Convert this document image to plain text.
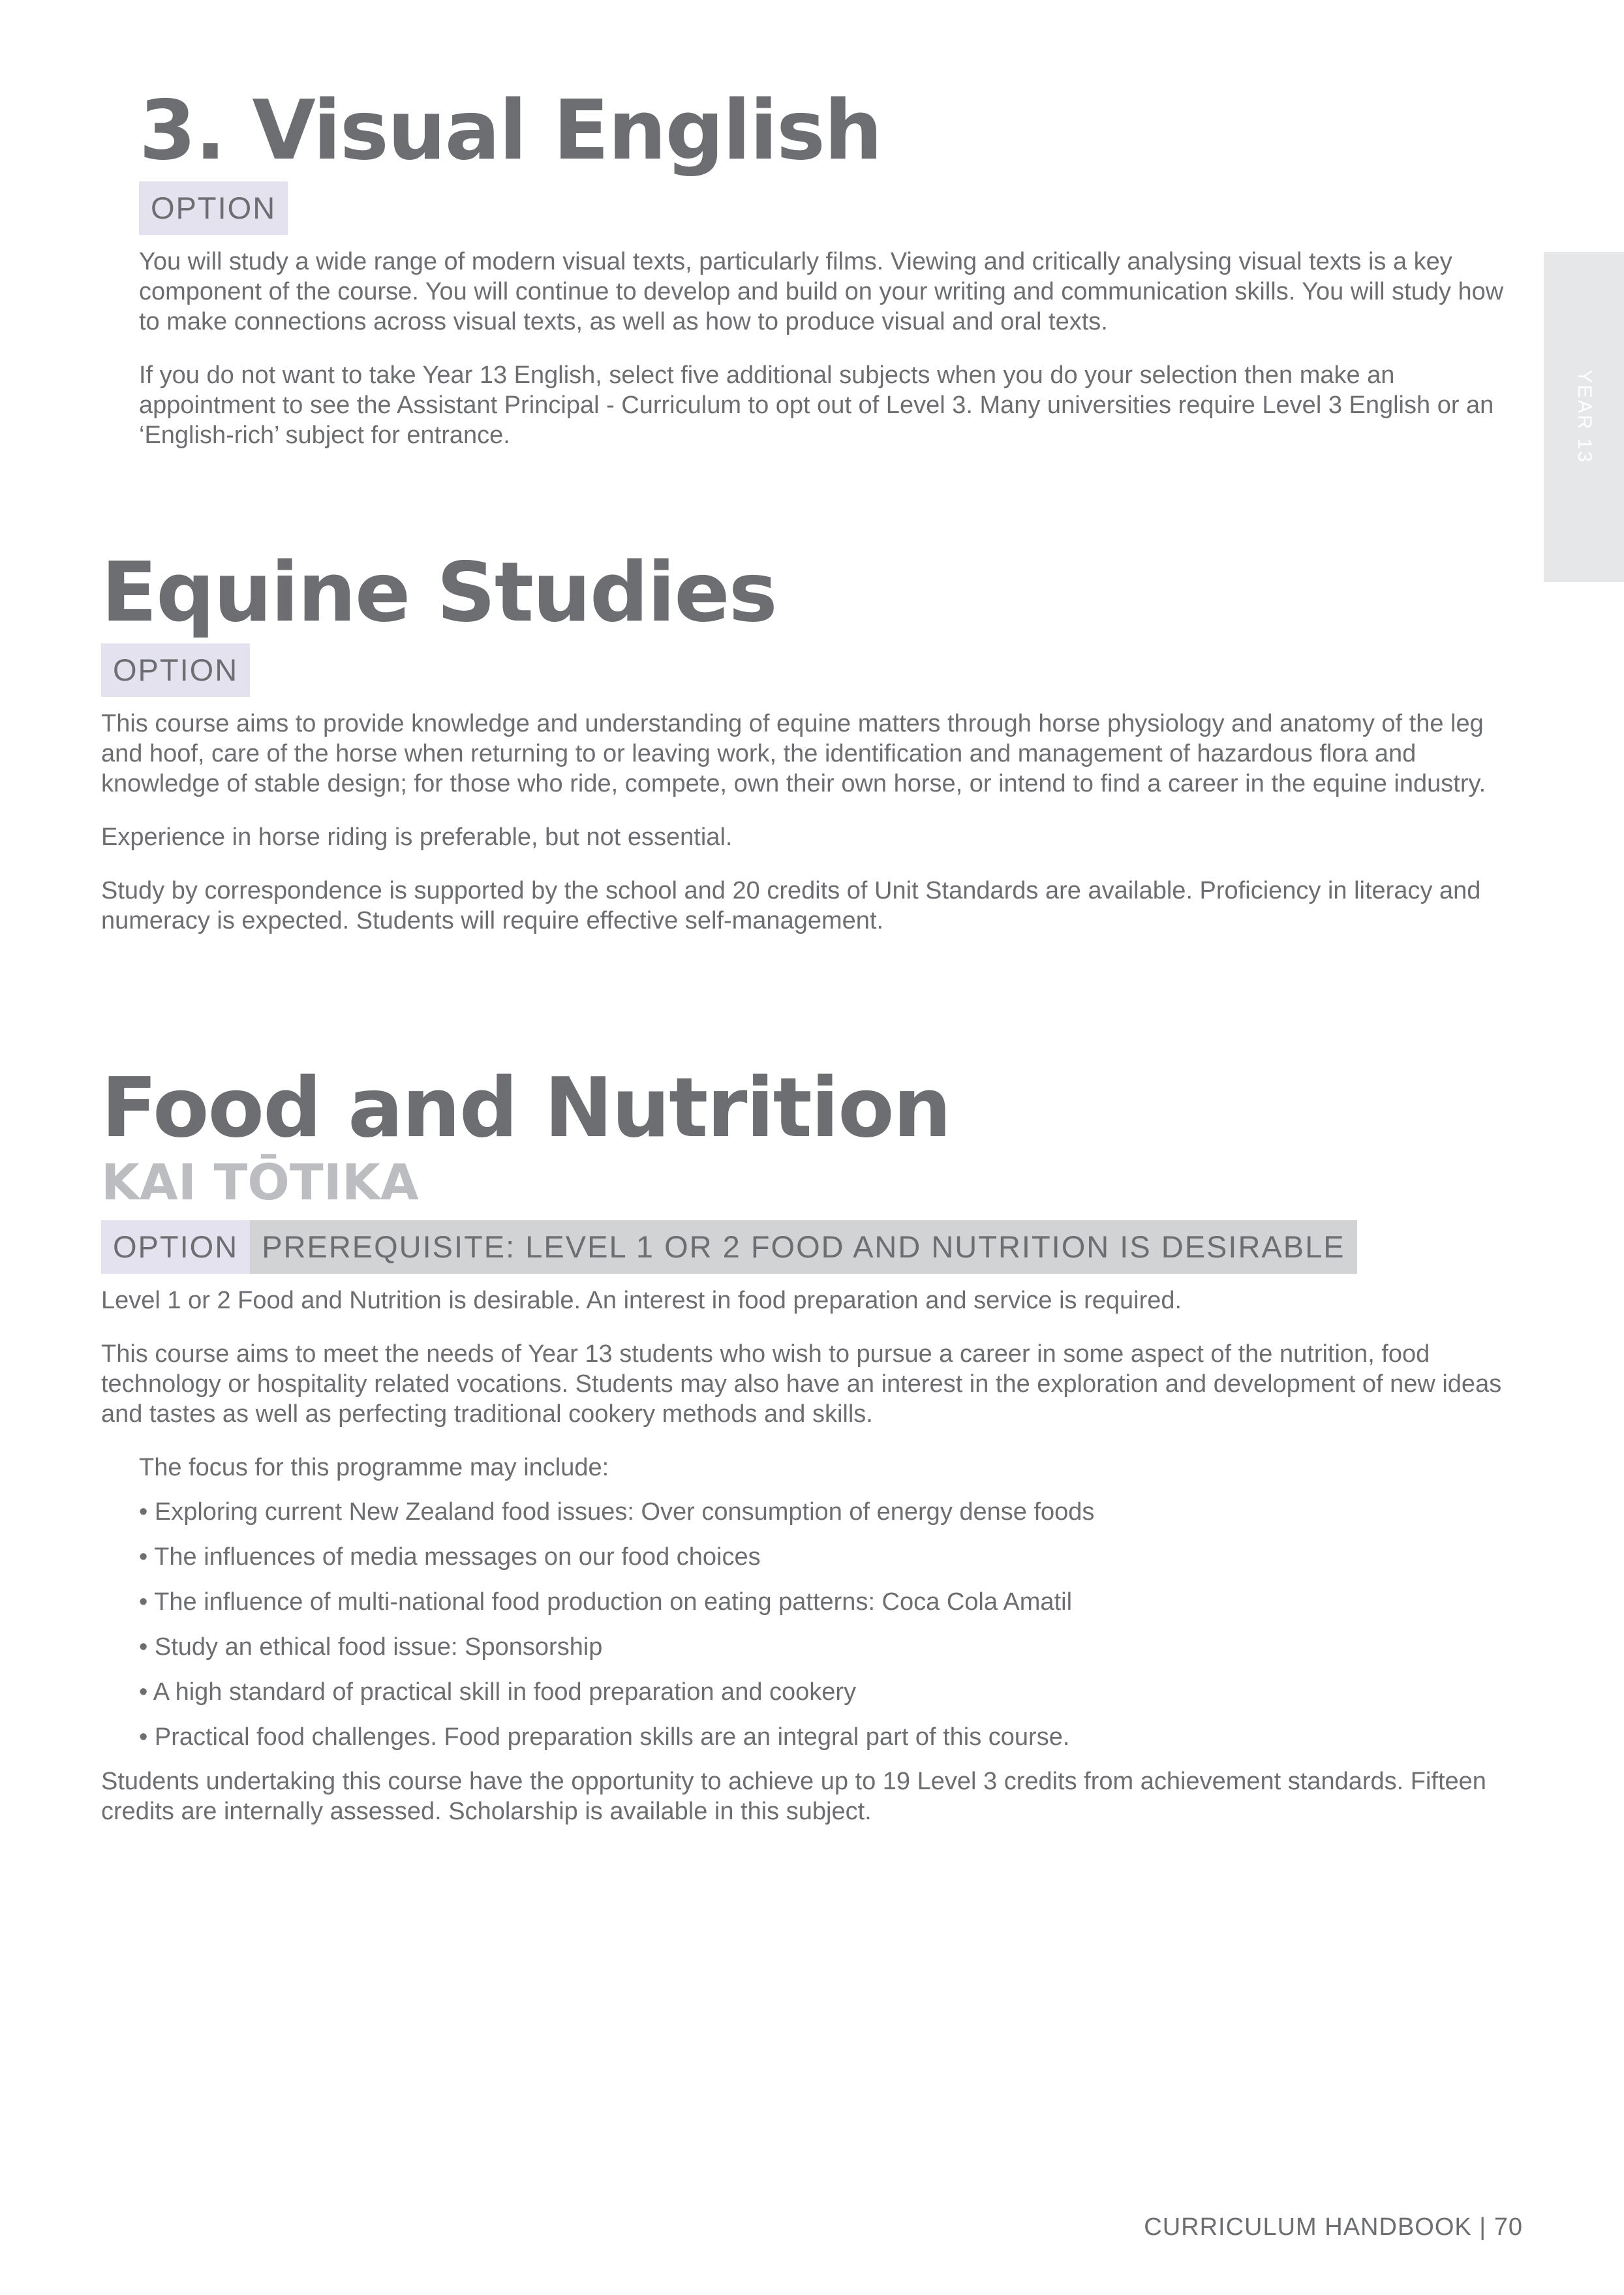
YEAR 13
3. Visual English
OPTION

You will study a wide range of modern visual texts, particularly films. Viewing and critically analysing visual texts is a key component of the course. You will continue to develop and build on your writing and communication skills. You will study how to make connections across visual texts, as well as how to produce visual and oral texts.

If you do not want to take Year 13 English, select five additional subjects when you do your selection then make an appointment to see the Assistant Principal - Curriculum to opt out of Level 3. Many universities require Level 3 English or an ‘English-rich’ subject for entrance.

Equine Studies
OPTION

This course aims to provide knowledge and understanding of equine matters through horse physiology and anatomy of the leg and hoof, care of the horse when returning to or leaving work, the identification and management of hazardous flora and knowledge of stable design; for those who ride, compete, own their own horse, or intend to find a career in the equine industry.

Experience in horse riding is preferable, but not essential.

Study by correspondence is supported by the school and 20 credits of Unit Standards are available. Proficiency in literacy and numeracy is expected. Students will require effective self-management.

Food and Nutrition
KAI TŌTIKA
OPTION PREREQUISITE: LEVEL 1 OR 2 FOOD AND NUTRITION IS DESIRABLE

Level 1 or 2 Food and Nutrition is desirable. An interest in food preparation and service is required.

This course aims to meet the needs of Year 13 students who wish to pursue a career in some aspect of the nutrition, food technology or hospitality related vocations. Students may also have an interest in the exploration and development of new ideas and tastes as well as perfecting traditional cookery methods and skills.

The focus for this programme may include:

• Exploring current New Zealand food issues: Over consumption of energy dense foods

• The influences of media messages on our food choices

• The influence of multi-national food production on eating patterns: Coca Cola Amatil

• Study an ethical food issue: Sponsorship

• A high standard of practical skill in food preparation and cookery

• Practical food challenges. Food preparation skills are an integral part of this course.

Students undertaking this course have the opportunity to achieve up to 19 Level 3 credits from achievement standards. Fifteen credits are internally assessed. Scholarship is available in this subject.

CURRICULUM HANDBOOK | 70
